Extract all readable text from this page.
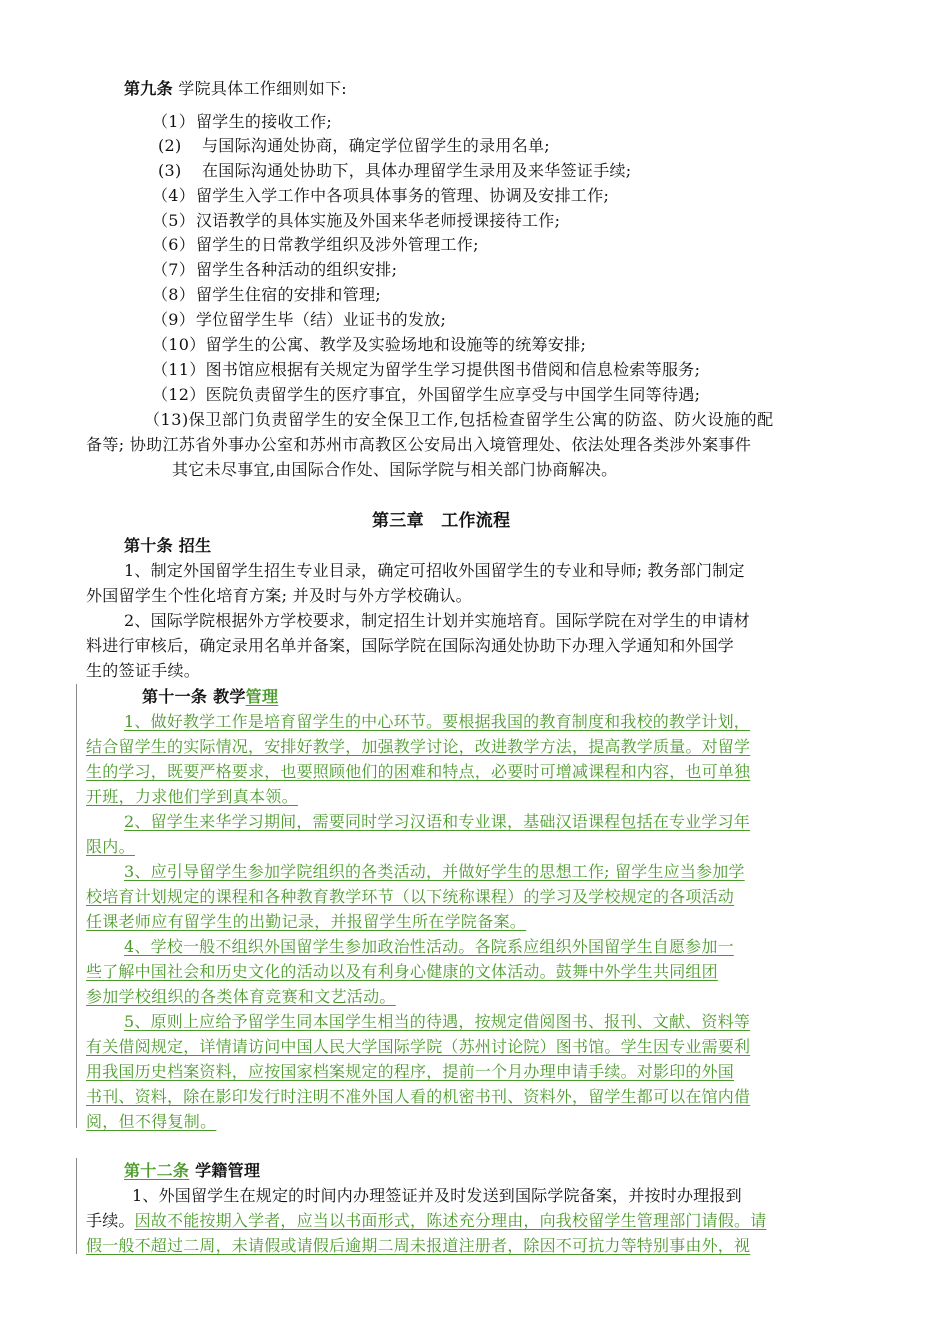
第九条 学院具体工作细则如下:
（1）留学生的接收工作;
(2) 与国际沟通处协商，确定学位留学生的录用名单;
(3) 在国际沟通处协助下，具体办理留学生录用及来华签证手续;
（4）留学生入学工作中各项具体事务的管理、协调及安排工作;
（5）汉语教学的具体实施及外国来华老师授课接待工作;
（6）留学生的日常教学组织及涉外管理工作;
（7）留学生各种活动的组织安排;
（8）留学生住宿的安排和管理;
（9）学位留学生毕（结）业证书的发放;
（10）留学生的公寓、教学及实验场地和设施等的统筹安排;
（11）图书馆应根据有关规定为留学生学习提供图书借阅和信息检索等服务;
（12）医院负责留学生的医疗事宜，外国留学生应享受与中国学生同等待遇;
（13)保卫部门负责留学生的安全保卫工作,包括检查留学生公寓的防盗、防火设施的配
备等; 协助江苏省外事办公室和苏州市高教区公安局出入境管理处、依法处理各类涉外案事件
其它未尽事宜,由国际合作处、国际学院与相关部门协商解决。
第三章　工作流程
第十条 招生
1、制定外国留学生招生专业目录，确定可招收外国留学生的专业和导师; 教务部门制定
外国留学生个性化培育方案; 并及时与外方学校确认。
2、国际学院根据外方学校要求，制定招生计划并实施培育。国际学院在对学生的申请材
料进行审核后，确定录用名单并备案，国际学院在国际沟通处协助下办理入学通知和外国学
生的签证手续。
第十一条 教学管理
1、做好教学工作是培育留学生的中心环节。要根据我国的教育制度和我校的教学计划，
结合留学生的实际情况，安排好教学，加强教学讨论，改进教学方法，提高教学质量。对留学
生的学习，既要严格要求，也要照顾他们的困难和特点，必要时可增减课程和内容，也可单独
开班，力求他们学到真本领。
2、留学生来华学习期间，需要同时学习汉语和专业课，基础汉语课程包括在专业学习年
限内。
3、应引导留学生参加学院组织的各类活动，并做好学生的思想工作; 留学生应当参加学
校培育计划规定的课程和各种教育教学环节（以下统称课程）的学习及学校规定的各项活动
任课老师应有留学生的出勤记录，并报留学生所在学院备案。
4、学校一般不组织外国留学生参加政治性活动。各院系应组织外国留学生自愿参加一
些了解中国社会和历史文化的活动以及有利身心健康的文体活动。鼓舞中外学生共同组团
参加学校组织的各类体育竞赛和文艺活动。
5、原则上应给予留学生同本国学生相当的待遇，按规定借阅图书、报刊、文献、资料等
有关借阅规定，详情请访问中国人民大学国际学院（苏州讨论院）图书馆。学生因专业需要利
用我国历史档案资料，应按国家档案规定的程序，提前一个月办理申请手续。对影印的外国
书刊、资料，除在影印发行时注明不准外国人看的机密书刊、资料外，留学生都可以在馆内借
阅，但不得复制。
第十二条 学籍管理
1、外国留学生在规定的时间内办理签证并及时发送到国际学院备案，并按时办理报到
手续。因故不能按期入学者，应当以书面形式，陈述充分理由，向我校留学生管理部门请假。请
假一般不超过二周，未请假或请假后逾期二周未报道注册者，除因不可抗力等特别事由外，视
